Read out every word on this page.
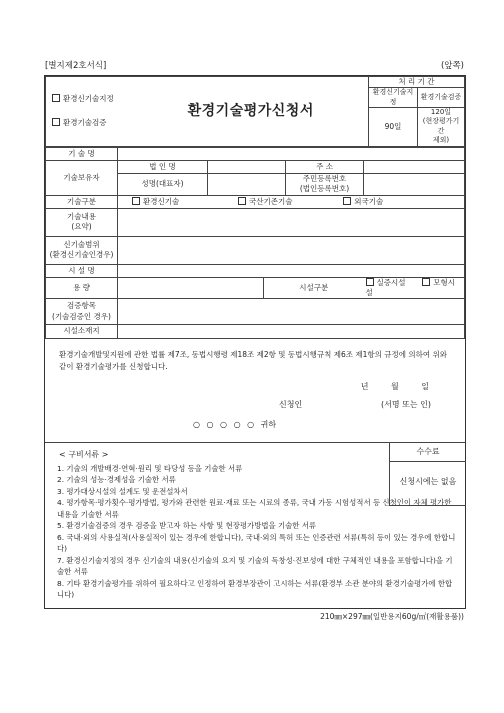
[별지제2호서식]	(앞쪽)
환경신기술지정
환경기술검증	환경기술평가신청서	처 리 기 간	
		환경신기술지정	환경기술검증
		90일	120일
(현장평가기간
제외)
기 술 명					
기술보유자	법 인 명			주 소	
	성명(대표자)			주민등록번호
(법인등록번호)	

기술구분	환경신기술 국산기존기술 외국기술				

기술내용
(요약)					

신기술범위
(환경신기술인경우)					

시 설 명					
용 량			시설구분		실증시설 모형시설

검증항목
(기술검증인 경우)					

시설소재지					
환경기술개발및지원에 관한 법률 제7조, 동법시행령 제18조 제2항 및 동법시행규칙 제6조 제1항의 규정에 의하여 위와 같이 환경기술평가를 신청합니다.
년 월 일
신청인	(서명 또는 인)
○ ○ ○ ○ ○ 귀하
< 구비서류 >
1. 기술의 개발배경·연혁·원리 및 타당성 등을 기술한 서류
2. 기술의 성능·경제성을 기술한 서류
3. 평가대상시설의 설계도 및 운전설차서
4. 평가항목·평가횟수·평가방법, 평가와 관련한 원료·재료 또는 시료의 종류, 국내 가동 시험성적서 등 신청인이 자체 평가한 내용을 기술한 서류
5. 환경기술검증의 경우 검증을 받고자 하는 사항 및 현장평가방법을 기술한 서류
6. 국내·외의 사용실적(사용실적이 있는 경우에 한합니다), 국내·외의 특허 또는 인증관련 서류(특허 등이 있는 경우에 한합니다)
7. 환경신기술지정의 경우 신기술의 내용(신기술의 요지 및 기술의 독창성·진보성에 대한 구체적인 내용을 포함합니다)을 기술한 서류
8. 기타 환경기술평가를 위하여 필요하다고 인정하여 환경부장관이 고시하는 서류(환경부 소관 분야의 환경기술평가에 한합니다)
수수료
신청시에는 없음
210㎜×297㎜(일반용지60g/㎡(재활용품))
